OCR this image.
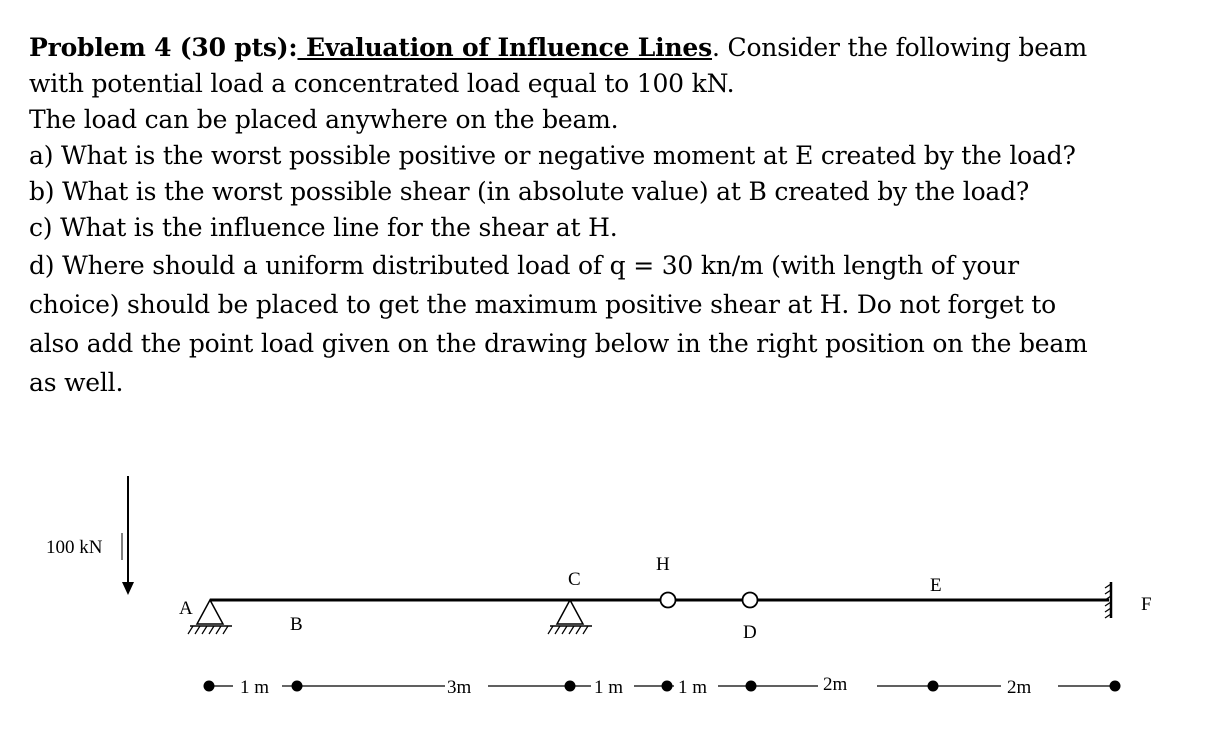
Problem 4 (30 pts): Evaluation of Influence Lines. Consider the following beam

with potential load a concentrated load equal to 100 kN.

The load can be placed anywhere on the beam.

a) What is the worst possible positive or negative moment at E created by the load?

b) What is the worst possible shear (in absolute value) at B created by the load?

c) What is the influence line for the shear at H.

d) Where should a uniform distributed load of q = 30 kn/m (with length of your

choice) should be placed to get the maximum positive shear at H. Do not forget to

also add the point load given on the drawing below in the right position on the beam

as well.

100 kN
A
B
C
H
D
E
F
1 m	3m	1 m	1 m	2m	2m
